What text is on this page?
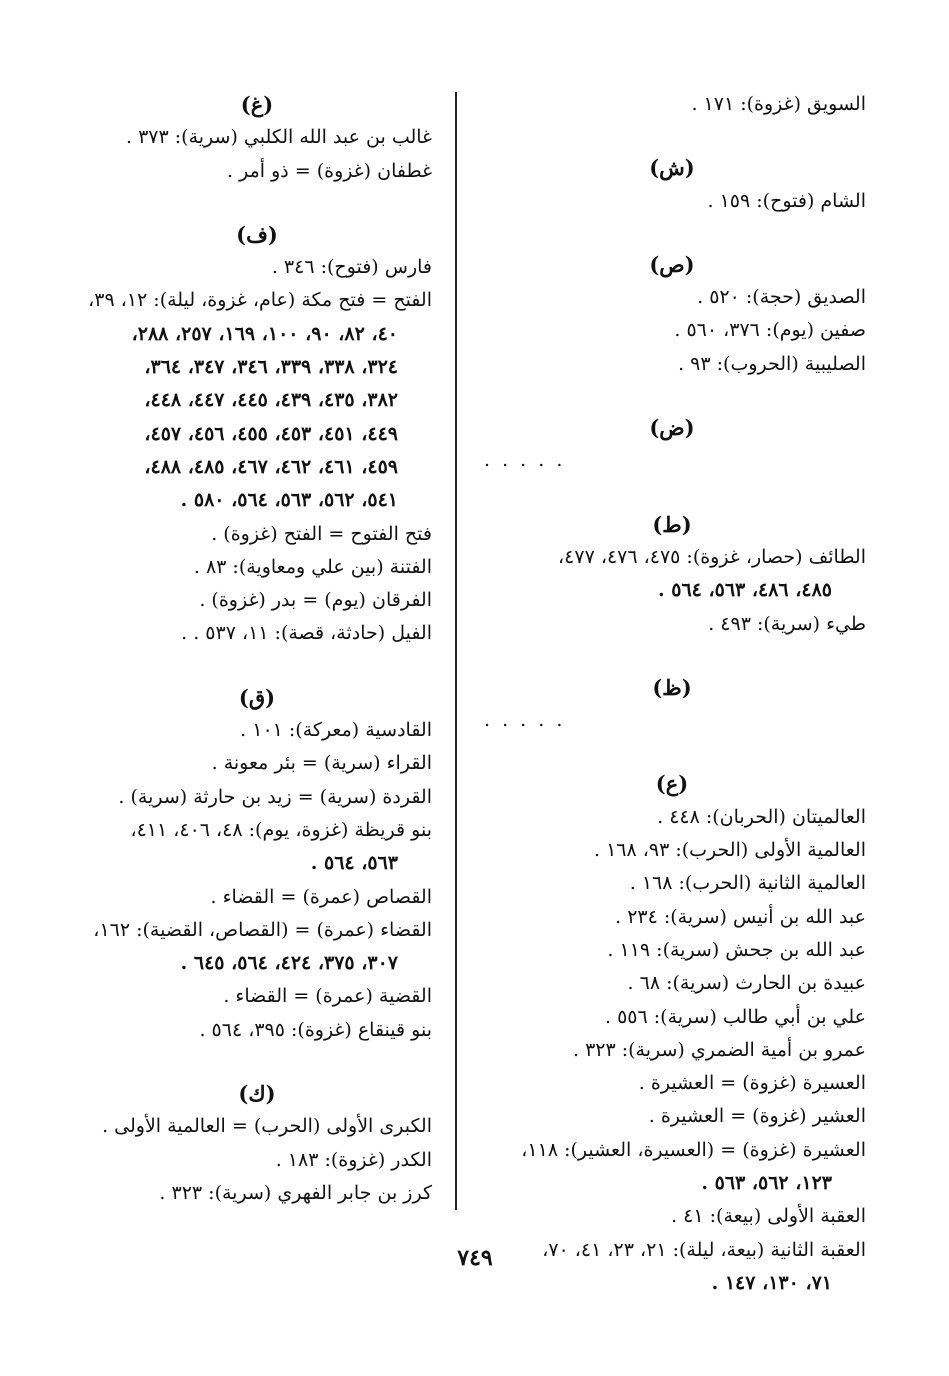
السويق (غزوة): ١٧١ .
(ش)
الشام (فتوح): ١٥٩ .
(ص)
الصديق (حجة): ٥٢٠ .
صفين (يوم): ٣٧٦، ٥٦٠ .
الصليبية (الحروب): ٩٣ .
(ض)
. . . . .
(ط)
الطائف (حصار، غزوة): ٤٧٥، ٤٧٦، ٤٧٧،
٤٨٥، ٤٨٦، ٥٦٣، ٥٦٤ .
طيء (سرية): ٤٩٣ .
(ظ)
. . . . .
(ع)
العالميتان (الحربان): ٤٤٨ .
العالمية الأولى (الحرب): ٩٣، ١٦٨ .
العالمية الثانية (الحرب): ١٦٨ .
عبد الله بن أنيس (سرية): ٢٣٤ .
عبد الله بن جحش (سرية): ١١٩ .
عبيدة بن الحارث (سرية): ٦٨ .
علي بن أبي طالب (سرية): ٥٥٦ .
عمرو بن أمية الضمري (سرية): ٣٢٣ .
العسيرة (غزوة) = العشيرة .
العشير (غزوة) = العشيرة .
العشيرة (غزوة) = (العسيرة، العشير): ١١٨،
١٢٣، ٥٦٢، ٥٦٣ .
العقبة الأولى (بيعة): ٤١ .
العقبة الثانية (بيعة، ليلة): ٢١، ٢٣، ٤١، ٧٠،
٧١، ١٣٠، ١٤٧ .
(غ)
غالب بن عبد الله الكلبي (سرية): ٣٧٣ .
غطفان (غزوة) = ذو أمر .
(ف)
فارس (فتوح): ٣٤٦ .
الفتح = فتح مكة (عام، غزوة، ليلة): ١٢، ٣٩،
٤٠، ٨٢، ٩٠، ١٠٠، ١٦٩، ٢٥٧، ٢٨٨،
٣٢٤، ٣٣٨، ٣٣٩، ٣٤٦، ٣٤٧، ٣٦٤،
٣٨٢، ٤٣٥، ٤٣٩، ٤٤٥، ٤٤٧، ٤٤٨،
٤٤٩، ٤٥١، ٤٥٣، ٤٥٥، ٤٥٦، ٤٥٧،
٤٥٩، ٤٦١، ٤٦٢، ٤٦٧، ٤٨٥، ٤٨٨،
٥٤١، ٥٦٢، ٥٦٣، ٥٦٤، ٥٨٠ .
فتح الفتوح = الفتح (غزوة) .
الفتنة (بين علي ومعاوية): ٨٣ .
الفرقان (يوم) = بدر (غزوة) .
الفيل (حادثة، قصة): ١١، ٥٣٧ . .
(ق)
القادسية (معركة): ١٠١ .
القراء (سرية) = بئر معونة .
القردة (سرية) = زيد بن حارثة (سرية) .
بنو قريظة (غزوة، يوم): ٤٨، ٤٠٦، ٤١١،
٥٦٣، ٥٦٤ .
القصاص (عمرة) = القضاء .
القضاء (عمرة) = (القصاص، القضية): ١٦٢،
٣٠٧، ٣٧٥، ٤٢٤، ٥٦٤، ٦٤٥ .
القضية (عمرة) = القضاء .
بنو قينقاع (غزوة): ٣٩٥، ٥٦٤ .
(ك)
الكبرى الأولى (الحرب) = العالمية الأولى .
الكدر (غزوة): ١٨٣ .
كرز بن جابر الفهري (سرية): ٣٢٣ .
٧٤٩
